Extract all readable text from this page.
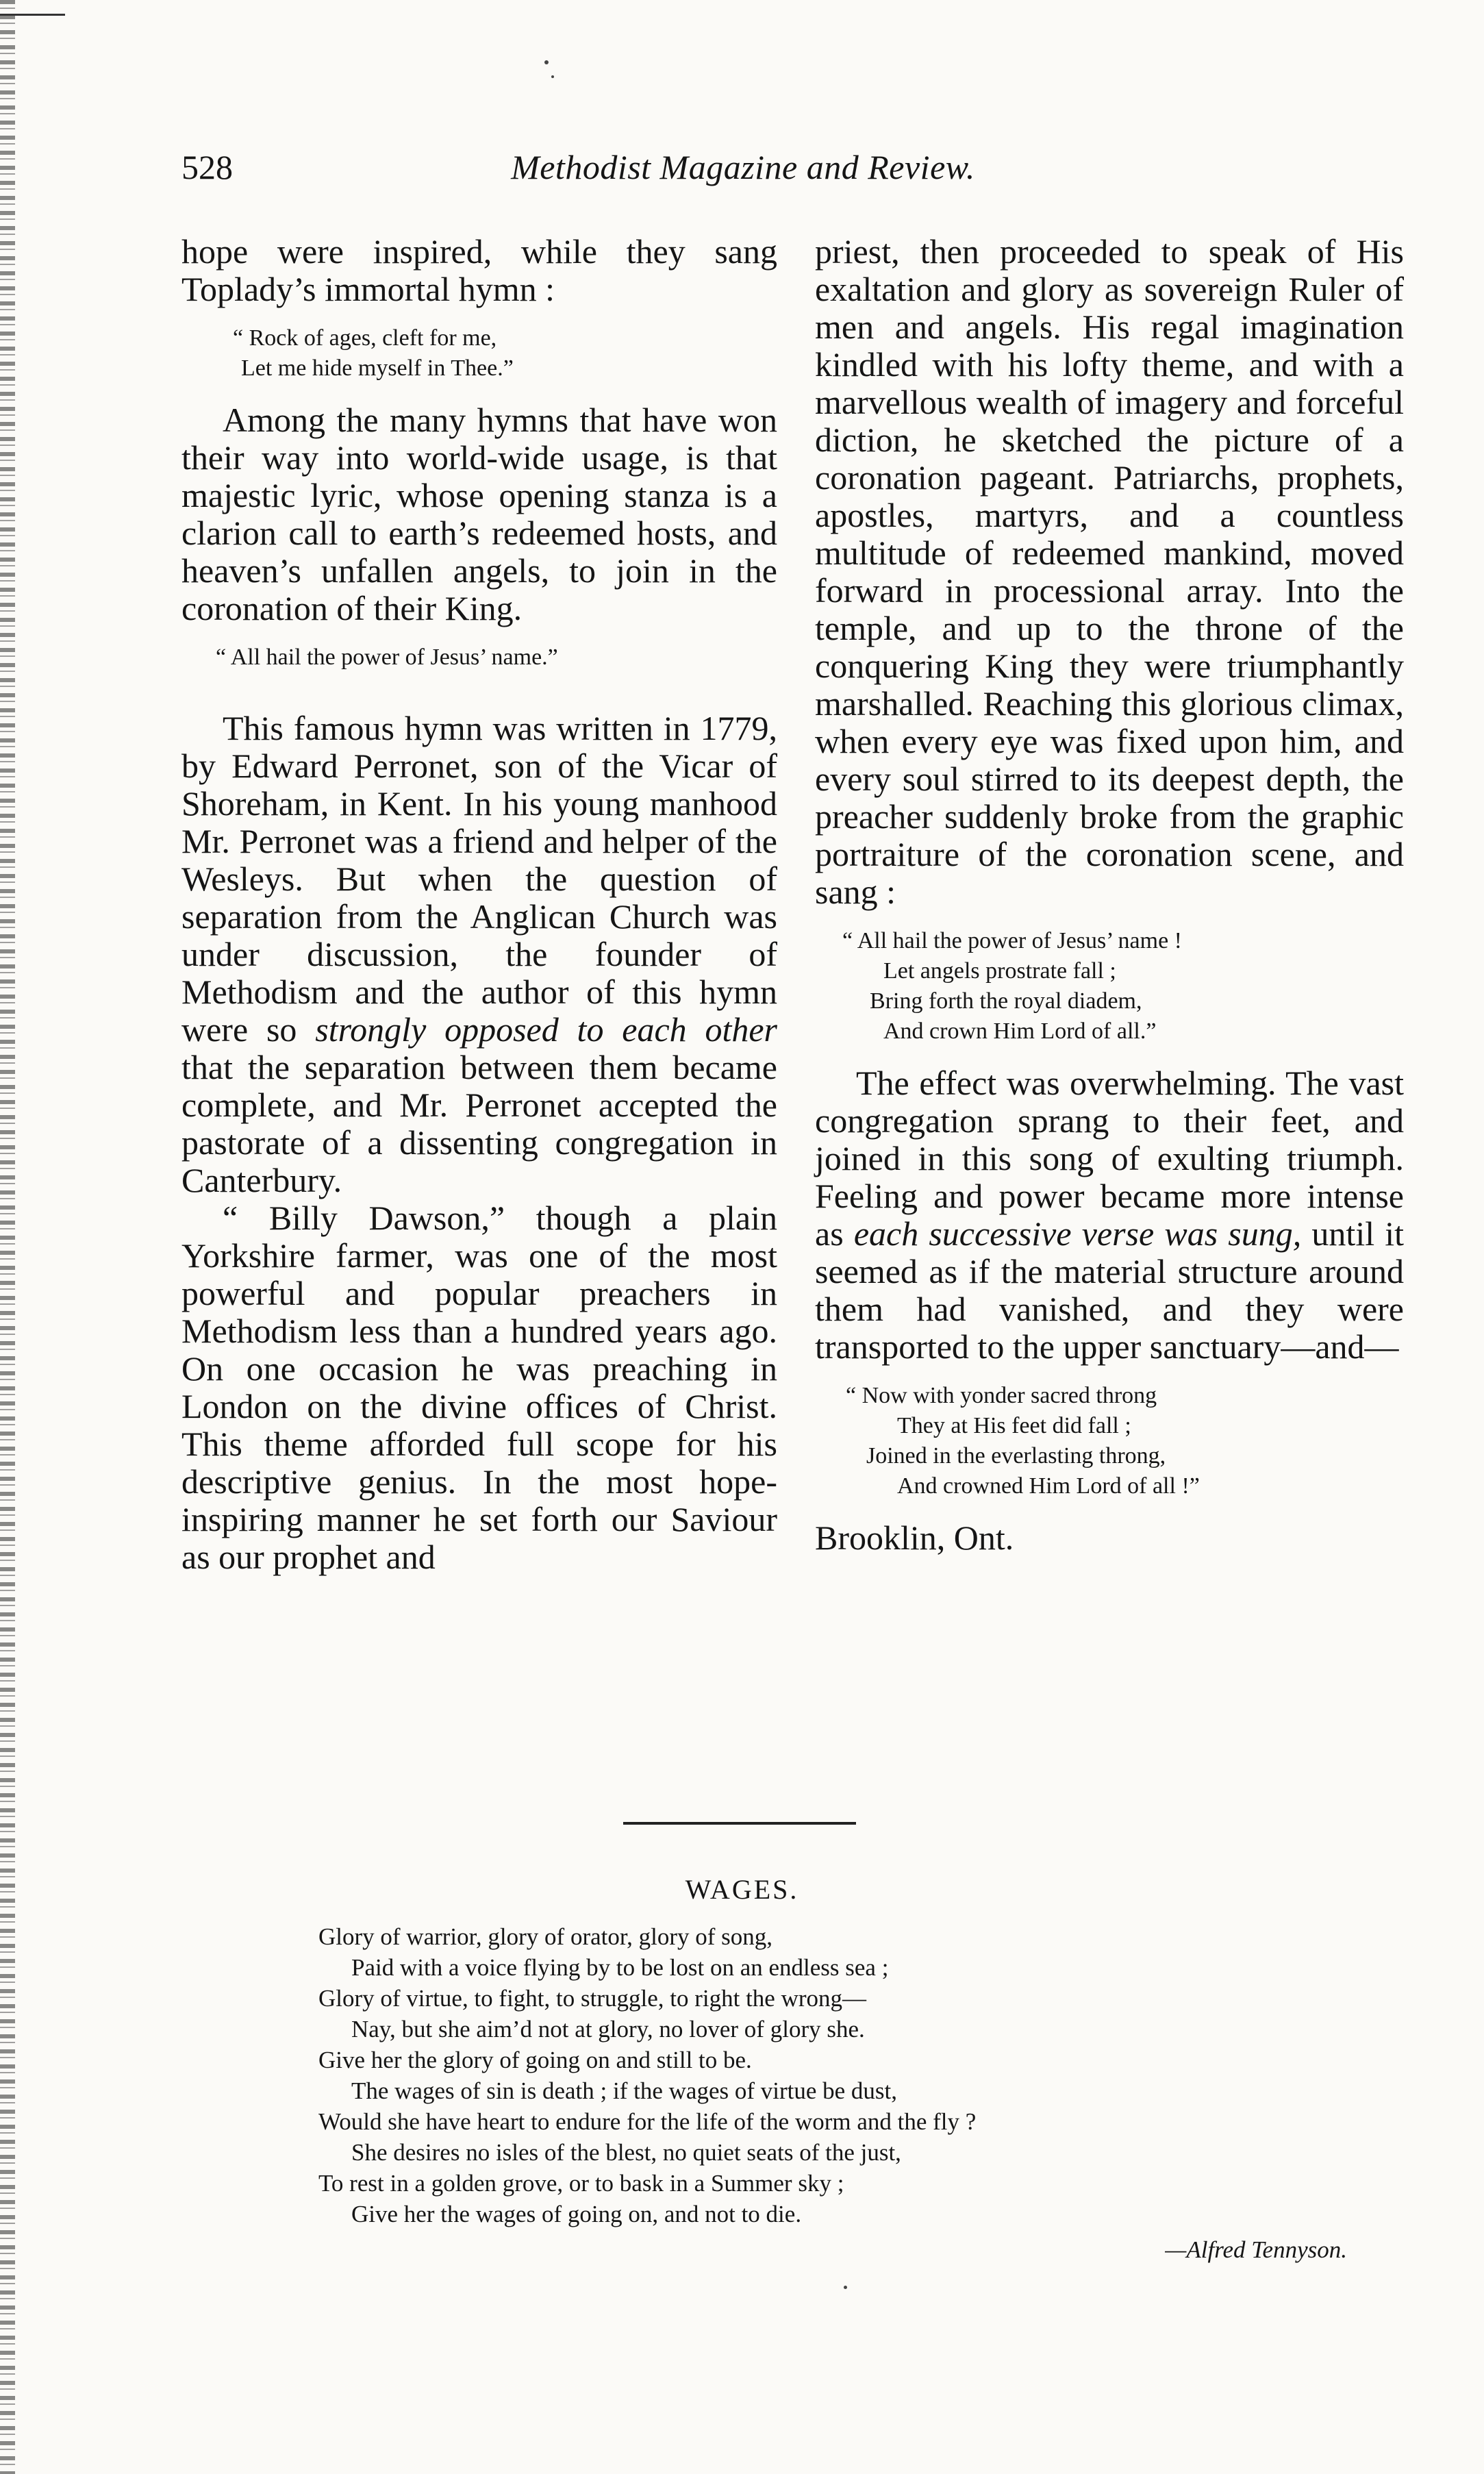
528	Methodist Magazine and Review.

hope were inspired, while they sang Toplady’s immortal hymn :

“ Rock of ages, cleft for me,
Let me hide myself in Thee.”

Among the many hymns that have won their way into world-wide usage, is that majestic lyric, whose opening stanza is a clarion call to earth’s redeemed hosts, and heaven’s unfallen angels, to join in the coronation of their King.

“ All hail the power of Jesus’ name.”

This famous hymn was written in 1779, by Edward Perronet, son of the Vicar of Shoreham, in Kent. In his young manhood Mr. Perronet was a friend and helper of the Wesleys. But when the question of separation from the Anglican Church was under discussion, the founder of Methodism and the author of this hymn were so strongly opposed to each other that the separation between them became complete, and Mr. Perronet accepted the pastorate of a dissenting congregation in Canterbury.

“ Billy Dawson,” though a plain Yorkshire farmer, was one of the most powerful and popular preachers in Methodism less than a hundred years ago. On one occasion he was preaching in London on the divine offices of Christ. This theme afforded full scope for his descriptive genius. In the most hope-inspiring manner he set forth our Saviour as our prophet and

priest, then proceeded to speak of His exaltation and glory as sovereign Ruler of men and angels. His regal imagination kindled with his lofty theme, and with a marvellous wealth of imagery and forceful diction, he sketched the picture of a coronation pageant. Patriarchs, prophets, apostles, martyrs, and a countless multitude of redeemed mankind, moved forward in processional array. Into the temple, and up to the throne of the conquering King they were triumphantly marshalled. Reaching this glorious climax, when every eye was fixed upon him, and every soul stirred to its deepest depth, the preacher suddenly broke from the graphic portraiture of the coronation scene, and sang :

“ All hail the power of Jesus’ name !
Let angels prostrate fall ;
Bring forth the royal diadem,
And crown Him Lord of all.”

The effect was overwhelming. The vast congregation sprang to their feet, and joined in this song of exulting triumph. Feeling and power became more intense as each successive verse was sung, until it seemed as if the material structure around them had vanished, and they were transported to the upper sanctuary—and—

“ Now with yonder sacred throng
They at His feet did fall ;
Joined in the everlasting throng,
And crowned Him Lord of all !”

Brooklin, Ont.

WAGES.
Glory of warrior, glory of orator, glory of song,
Paid with a voice flying by to be lost on an endless sea ;
Glory of virtue, to fight, to struggle, to right the wrong—
Nay, but she aim’d not at glory, no lover of glory she.
Give her the glory of going on and still to be.
The wages of sin is death ; if the wages of virtue be dust,
Would she have heart to endure for the life of the worm and the fly ?
She desires no isles of the blest, no quiet seats of the just,
To rest in a golden grove, or to bask in a Summer sky ;
Give her the wages of going on, and not to die.
—Alfred Tennyson.
